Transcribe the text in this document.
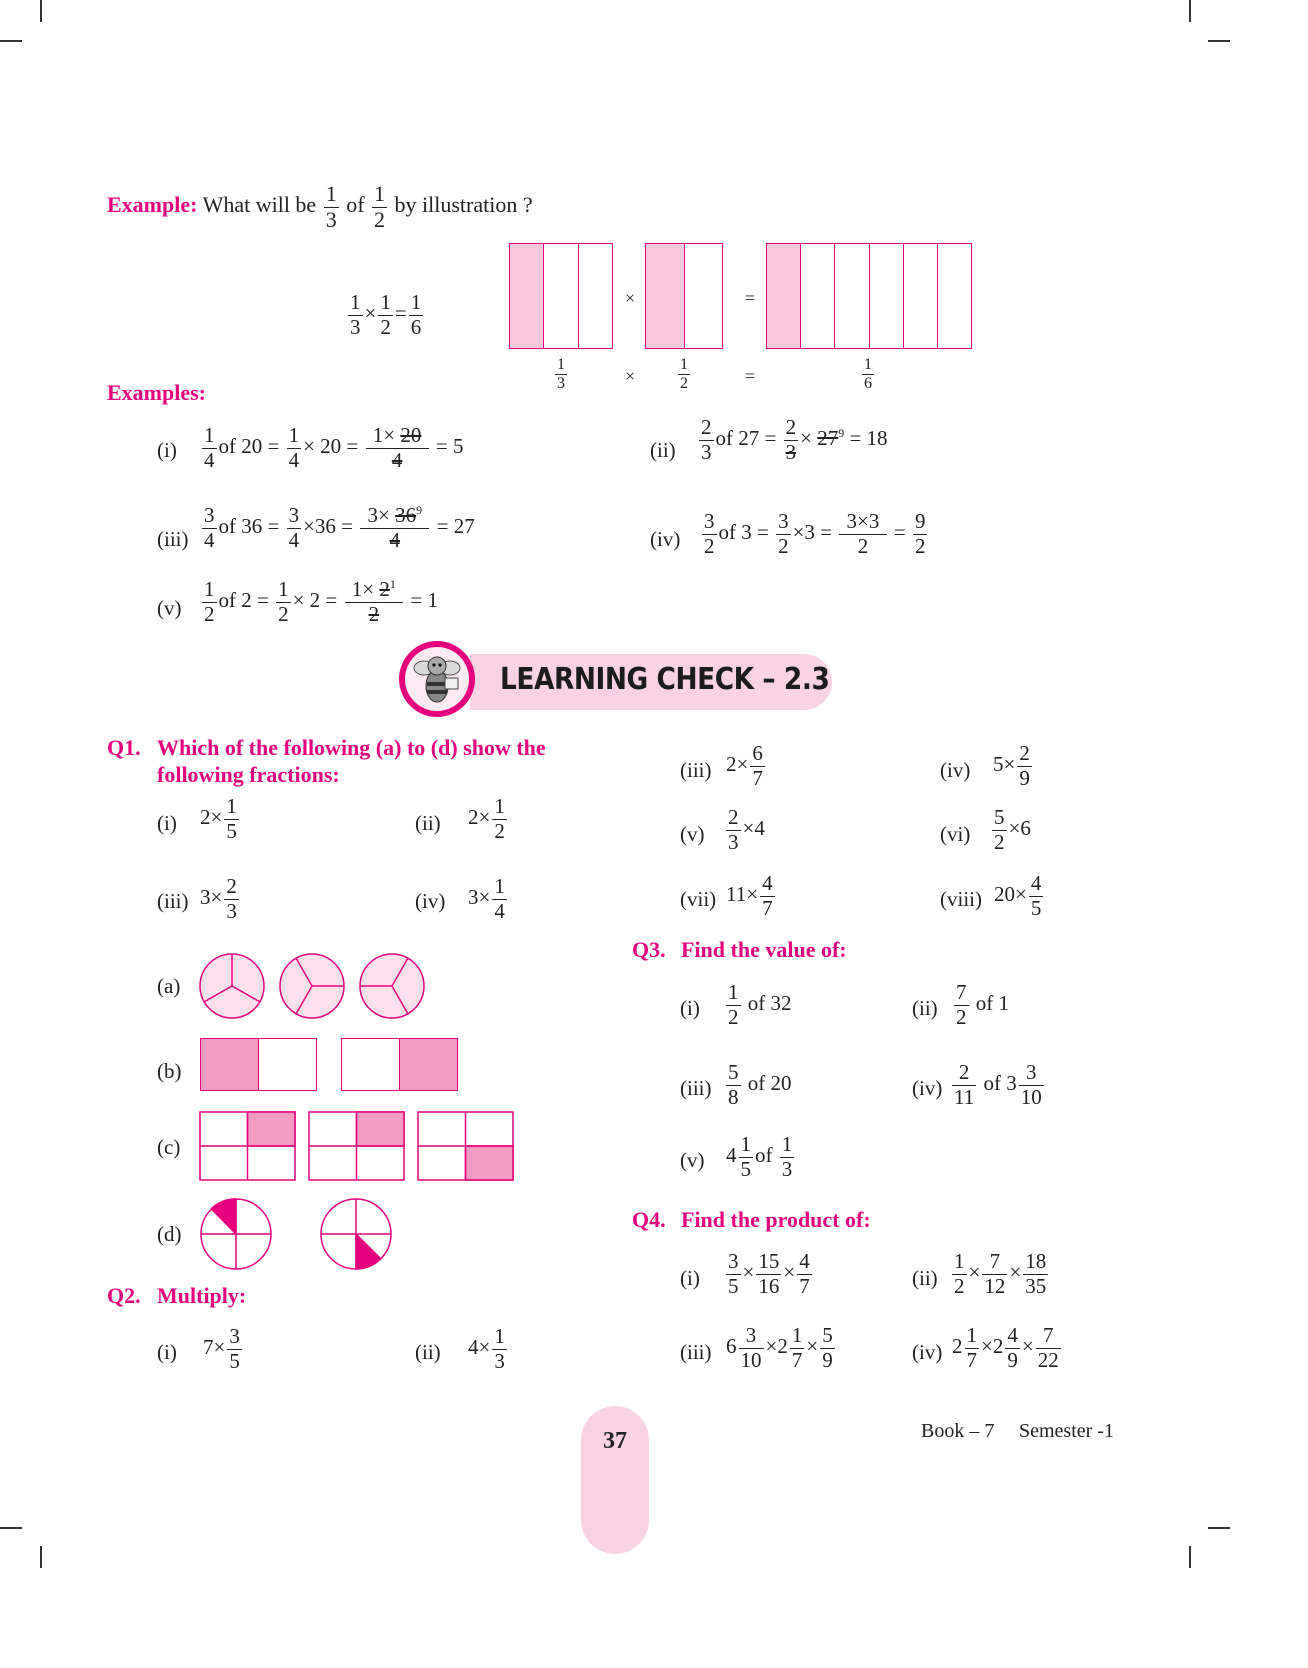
Example: What will be $\frac{1}{3}$ of $\frac{1}{2}$ by illustration ?
$\frac{1}{3} \times \frac{1}{2} = \frac{1}{6}$	×	=
$\frac{1}{3}$	×	$\frac{1}{2}$	=	$\frac{1}{6}$
Examples:
$(i) \frac{1}{4}$ of $20 = \frac{1}{4} \times 20 = \frac{1\times 20}{4} = 5$	$(ii) \frac{2}{3}$ of $27 = \frac{2}{3} \times 27^9 = 18$
$(iii) \frac{3}{4}$ of $36 = \frac{3}{4} \times 36 = \frac{3\times 36^9}{4} = 27$
$(iv) \frac{3}{2}$ of $3 = \frac{3}{2} \times 3 = \frac{3\times 3}{2} = \frac{9}{2}$
$(v) \frac{1}{2}$ of $2 = \frac{1}{2} \times 2 = \frac{1\times 2^1}{2} = 1$
LEARNING CHECK – 2.3
Q1. Which of the following (a) to (d) show the
following fractions:
(i) $2\times \frac{1}{5}$	(ii) $2\times \frac{1}{2}$
(iii) $3\times \frac{2}{3}$	(iv) $3\times \frac{1}{4}$
(a)
(b)
(c)
(d)
Q2. Multiply:
(i) $7\times \frac{3}{5}$	(ii) $4\times \frac{1}{3}$
(iii) $2\times \frac{6}{7}$	(iv) $5\times \frac{2}{9}$
$(v) \frac{2}{3} \times 4$	$(vi) \frac{5}{2} \times 6$
(vii) $11\times \frac{4}{7}$	(viii) $20\times \frac{4}{5}$
Q3. Find the value of:
$(i) \frac{1}{2}$ of 32	$(ii) \frac{7}{2}$ of 1
$(iii) \frac{5}{8}$ of 20	$(iv) \frac{2}{11}$ of $3 \frac{3}{10}$
(v) $4 \frac{1}{5}$ of $\frac{1}{3}$
Q4. Find the product of:
$(i) \frac{3}{5} \times \frac{15}{16} \times \frac{4}{7}$	$(ii) \frac{1}{2} \times \frac{7}{12} \times \frac{18}{35}$
(iii) $6 \frac{3}{10} \times 2 \frac{1}{7} \times \frac{5}{9}$	(iv) $2 \frac{1}{7} \times 2 \frac{4}{9} \times \frac{7}{22}$
37	Book – 7 Semester -1
